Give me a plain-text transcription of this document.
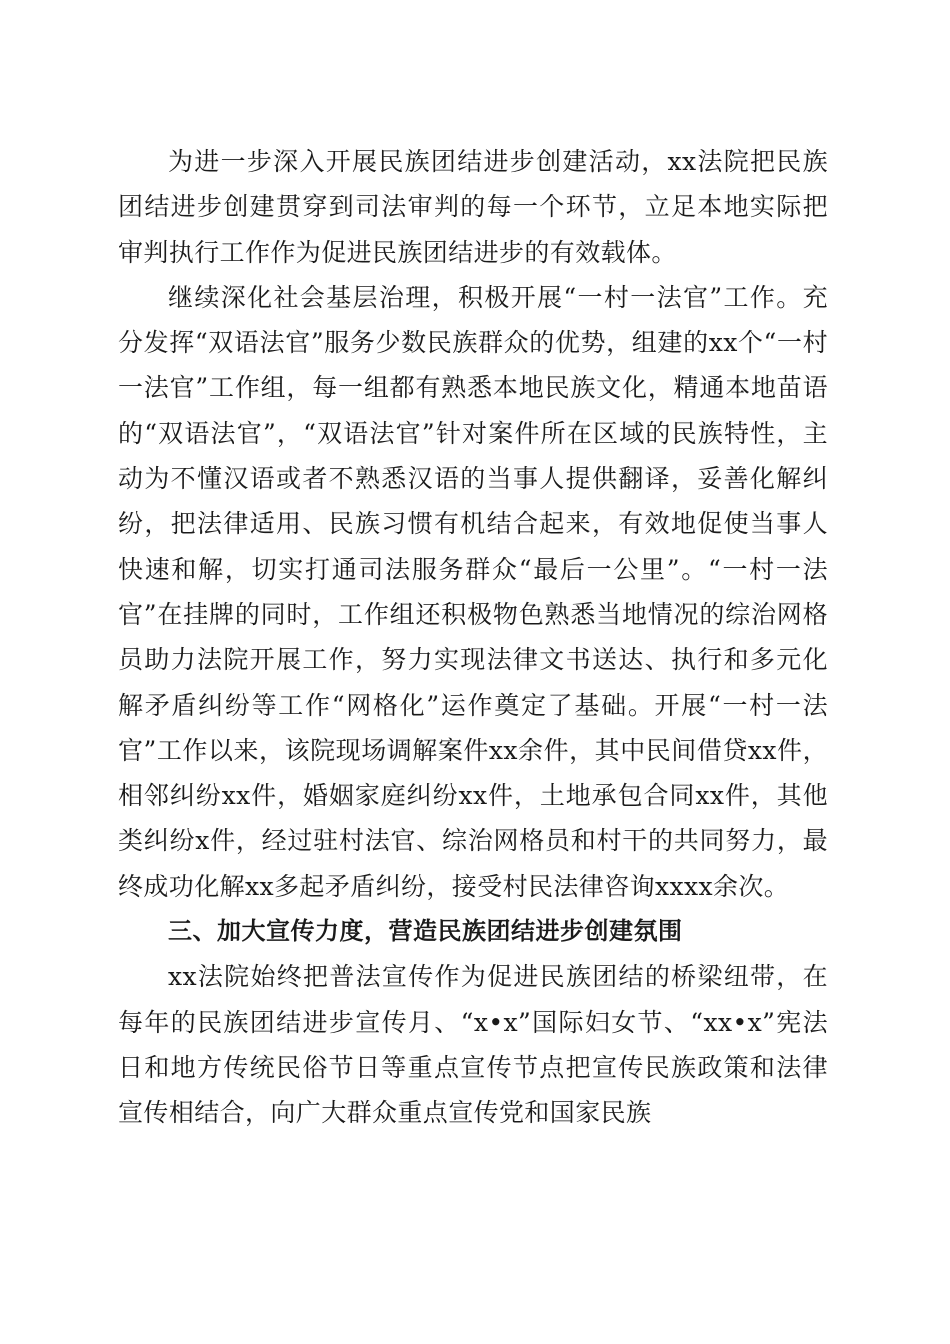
为进一步深入开展民族团结进步创建活动，xx法院把民族团结进步创建贯穿到司法审判的每一个环节，立足本地实际把审判执行工作作为促进民族团结进步的有效载体。

继续深化社会基层治理，积极开展“一村一法官”工作。充分发挥“双语法官”服务少数民族群众的优势，组建的xx个“一村一法官”工作组，每一组都有熟悉本地民族文化，精通本地苗语的“双语法官”，“双语法官”针对案件所在区域的民族特性，主动为不懂汉语或者不熟悉汉语的当事人提供翻译，妥善化解纠纷，把法律适用、民族习惯有机结合起来，有效地促使当事人快速和解，切实打通司法服务群众“最后一公里”。“一村一法官”在挂牌的同时，工作组还积极物色熟悉当地情况的综治网格员助力法院开展工作，努力实现法律文书送达、执行和多元化解矛盾纠纷等工作“网格化”运作奠定了基础。开展“一村一法官”工作以来，该院现场调解案件xx余件，其中民间借贷xx件，相邻纠纷xx件，婚姻家庭纠纷xx件，土地承包合同xx件，其他类纠纷x件，经过驻村法官、综治网格员和村干的共同努力，最终成功化解xx多起矛盾纠纷，接受村民法律咨询xxxx余次。

三、加大宣传力度，营造民族团结进步创建氛围

xx法院始终把普法宣传作为促进民族团结的桥梁纽带，在每年的民族团结进步宣传月、“x•x”国际妇女节、“xx•x”宪法日和地方传统民俗节日等重点宣传节点把宣传民族政策和法律宣传相结合，向广大群众重点宣传党和国家民族
